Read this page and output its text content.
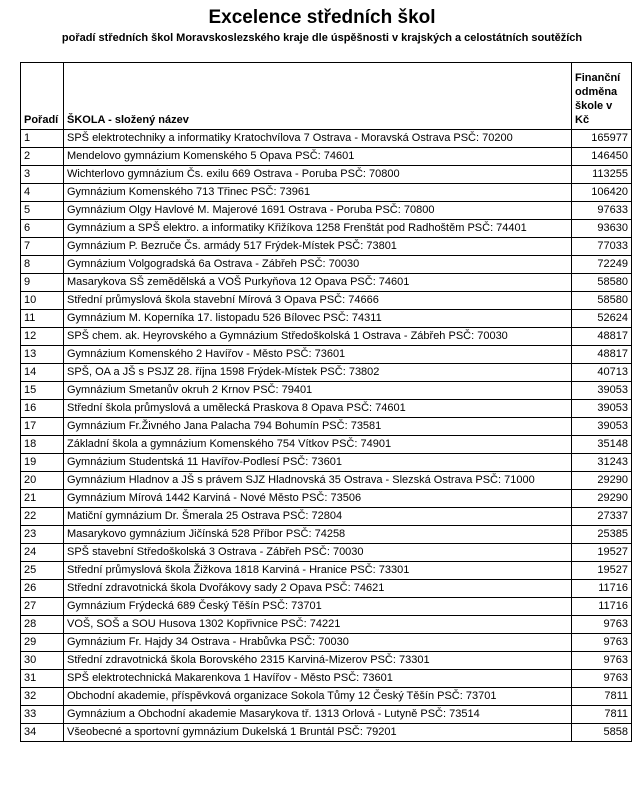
Excelence středních škol
pořadí středních škol Moravskoslezského kraje dle úspěšnosti v krajských a celostátních soutěžích
Pořadí	ŠKOLA - složený název	Finanční odměna škole v Kč
1	SPŠ elektrotechniky a informatiky Kratochvílova 7 Ostrava - Moravská Ostrava PSČ: 70200	165977
2	Mendelovo gymnázium Komenského 5 Opava PSČ: 74601	146450
3	Wichterlovo gymnázium Čs. exilu 669 Ostrava - Poruba PSČ: 70800	113255
4	Gymnázium Komenského 713 Třinec PSČ: 73961	106420
5	Gymnázium Olgy Havlové M. Majerové 1691 Ostrava - Poruba PSČ: 70800	97633
6	Gymnázium a SPŠ elektro. a informatiky Křižíkova 1258 Frenštát pod Radhoštěm PSČ: 74401	93630
7	Gymnázium P. Bezruče Čs. armády 517 Frýdek-Místek PSČ: 73801	77033
8	Gymnázium Volgogradská 6a Ostrava - Zábřeh PSČ: 70030	72249
9	Masarykova SŠ zemědělská a VOŠ Purkyňova 12 Opava PSČ: 74601	58580
10	Střední průmyslová škola stavební Mírová 3 Opava PSČ: 74666	58580
11	Gymnázium M. Koperníka 17. listopadu 526 Bílovec PSČ: 74311	52624
12	SPŠ chem. ak. Heyrovského a Gymnázium Středoškolská 1 Ostrava - Zábřeh PSČ: 70030	48817
13	Gymnázium Komenského 2 Havířov - Město PSČ: 73601	48817
14	SPŠ, OA a JŠ s PSJZ 28. října 1598 Frýdek-Místek PSČ: 73802	40713
15	Gymnázium Smetanův okruh 2 Krnov PSČ: 79401	39053
16	Střední škola průmyslová a umělecká Praskova 8 Opava PSČ: 74601	39053
17	Gymnázium Fr.Živného Jana Palacha 794 Bohumín PSČ: 73581	39053
18	Základní škola a gymnázium Komenského 754 Vítkov PSČ: 74901	35148
19	Gymnázium Studentská 11 Havířov-Podlesí PSČ: 73601	31243
20	Gymnázium Hladnov a JŠ s právem SJZ Hladnovská 35 Ostrava - Slezská Ostrava PSČ: 71000	29290
21	Gymnázium Mírová 1442 Karviná - Nové Město PSČ: 73506	29290
22	Matiční gymnázium Dr. Šmerala 25 Ostrava PSČ: 72804	27337
23	Masarykovo gymnázium Jičínská 528 Příbor PSČ: 74258	25385
24	SPŠ stavební Středoškolská 3 Ostrava - Zábřeh PSČ: 70030	19527
25	Střední průmyslová škola Žižkova 1818 Karviná - Hranice PSČ: 73301	19527
26	Střední zdravotnická škola Dvořákovy sady 2 Opava PSČ: 74621	11716
27	Gymnázium Frýdecká 689 Český Těšín PSČ: 73701	11716
28	VOŠ, SOŠ a SOU Husova 1302 Kopřivnice PSČ: 74221	9763
29	Gymnázium Fr. Hajdy 34 Ostrava - Hrabůvka PSČ: 70030	9763
30	Střední zdravotnická škola Borovského 2315 Karviná-Mizerov PSČ: 73301	9763
31	SPŠ elektrotechnická Makarenkova 1 Havířov - Město PSČ: 73601	9763
32	Obchodní akademie, příspěvková organizace Sokola Tůmy 12 Český Těšín PSČ: 73701	7811
33	Gymnázium a Obchodní akademie Masarykova tř. 1313 Orlová - Lutyně PSČ: 73514	7811
34	Všeobecné a sportovní gymnázium Dukelská 1 Bruntál PSČ: 79201	5858
